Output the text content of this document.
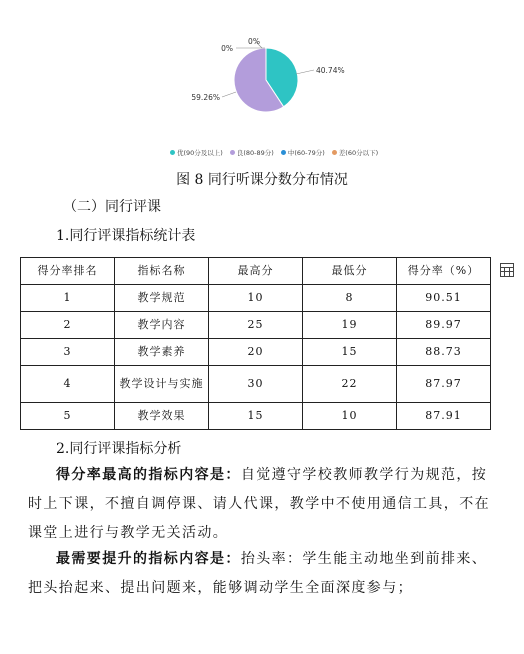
40.74%
59.26%
0%
0%
优(90分及以上) 良(80-89分) 中(60-79分) 差(60分以下)
图 8 同行听课分数分布情况
（二）同行评课
1.同行评课指标统计表
得分率排名	指标名称	最高分	最低分	得分率（%）
1	教学规范	10	8	90.51
2	教学内容	25	19	89.97
3	教学素养	20	15	88.73
4	教学设计与实施	30	22	87.97
5	教学效果	15	10	87.91
2.同行评课指标分析
得分率最高的指标内容是：自觉遵守学校教师教学行为规范，按时上下课，不擅自调停课、请人代课，教学中不使用通信工具，不在课堂上进行与教学无关活动。
最需要提升的指标内容是：抬头率：学生能主动地坐到前排来、把头抬起来、提出问题来，能够调动学生全面深度参与；
